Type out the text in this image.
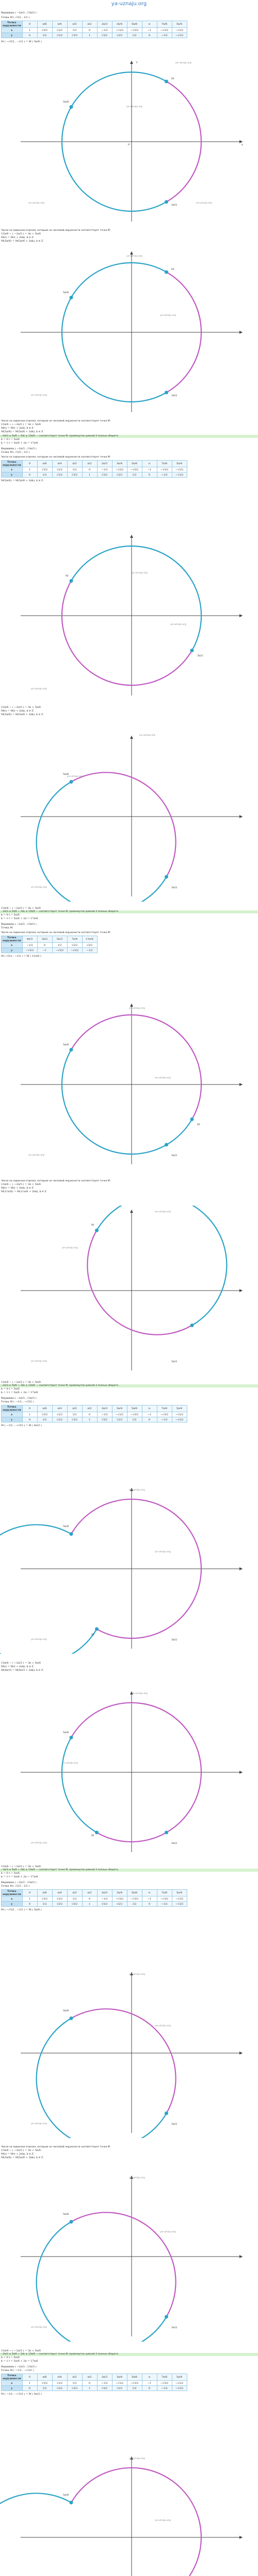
ya-uznaju.org
Вершины ( −2π/3 ; 13π/3 )
Точка M ( √3/2 ; 1/2 )
Точка окружности	0	π/6	π/4	π/3	π/2	2π/3	3π/4	5π/6	π	7π/6	5π/4
x	1	√3/2	√2/2	1/2	0	−1/2	−√2/2	−√3/2	−1	−√3/2	−√2/2
y	0	1/2	√2/2	√3/2	1	√3/2	√2/2	1/2	0	−1/2	−√2/2
M ( −√3/2 , −1/2 ) = M ( 5π/6 )
ya-uznaju.org
ya-uznaju.org
ya-uznaju.org	ya-uznaju.org
5π/6
M
3π/2
y
x
0
Числа на заданном отрезке, которым на числовой окружности соответствует точка M:
13π/6 − ( −2π/3 ) = 3π + 5π/6
M(t) = M(t + 2πk), k ∈ Z
M(5π/6) = M(5π/6 + 2πk), k ∈ Z
ya-uznaju.org
ya-uznaju.org
ya-uznaju.org
5π/6
M
3π/2
Числа на заданном отрезке, которым на числовой окружности соответствует точка M:
13π/6 − ( −2π/3 ) = 3π + 5π/6
M(t) = M(t + 2πk), k ∈ Z
M(5π/6) = M(5π/6 + 2πk), k ∈ Z
−2π/3 ≤ 5π/6 + 2πk ≤ 13π/6 — соответствует точке М, промежуток длиной 3 полных оборота.
k = 0 t = 5π/6
k = 1 t = 5π/6 + 2π = 17π/6
Вершины ( −2π/3 ; 13π/3 )
Точка M ( √3/2 ; 1/2 )
Числа на заданном отрезке, которым на числовой окружности соответствует точка M:
Точка окружности	0	π/6	π/4	π/3	π/2	2π/3	3π/4	5π/6	π	7π/6	5π/4
x	1	√3/2	√2/2	1/2	0	−1/2	−√2/2	−√3/2	−1	−√3/2	−√2/2
y	0	1/2	√2/2	√3/2	1	√3/2	√2/2	1/2	0	−1/2	−√2/2
M(5π/6) = M(5π/6 + 2πk), k ∈ Z
ya-uznaju.org
ya-uznaju.org
ya-uznaju.org
M
3π/2
13π/6 − ( −2π/3 ) = 3π + 5π/6
M(t) = M(t + 2πk), k ∈ Z
M(5π/6) = M(5π/6 + 2πk), k ∈ Z
ya-uznaju.org
ya-uznaju.org
ya-uznaju.org
5π/6
3π/2
13π/6 − ( −2π/3 ) = 3π + 5π/6
−2π/3 ≤ 5π/6 + 2πk ≤ 13π/6 — соответствует точке М, промежуток длиной 3 полных оборота.
k = 0 t = 5π/6
k = 1 t = 5π/6 + 2π = 17π/6
Вершины ( −2π/3 ; 13π/3 )
Точка M
Числа на заданном отрезке, которым на числовой окружности соответствует точка M:
Точка окружности	4π/3	3π/2	5π/3	7π/4	11π/6
x	−1/2	0	1/2	√2/2	√3/2
y	−√3/2	−1	−√3/2	−√2/2	−1/2
M ( √3/2 ; −1/2 ) = M ( 11π/6 )
ya-uznaju.org
ya-uznaju.org
ya-uznaju.org
5π/6
M
3π/2
Числа на заданном отрезке, которым на числовой окружности соответствует точка M:
13π/6 − ( −2π/3 ) = 3π + 5π/6
M(t) = M(t + 2πk), k ∈ Z
M(11π/6) = M(11π/6 + 2πk), k ∈ Z
ya-uznaju.org
ya-uznaju.org
ya-uznaju.org
M
3π/2
13π/6 − ( −2π/3 ) = 3π + 5π/6
−2π/3 ≤ 5π/6 + 2πk ≤ 13π/6 — соответствует точке М, промежуток длиной 3 полных оборота.
k = 0 t = 5π/6
k = 1 t = 5π/6 + 2π = 17π/6
Вершины ( −2π/3 ; 13π/3 )
Точка M ( −1/2 ; −√3/2 )
Точка окружности	0	π/6	π/4	π/3	π/2	2π/3	3π/4	5π/6	π	7π/6	5π/4
x	1	√3/2	√2/2	1/2	0	−1/2	−√2/2	−√3/2	−1	−√3/2	−√2/2
y	0	1/2	√2/2	√3/2	1	√3/2	√2/2	1/2	0	−1/2	−√2/2
M ( −1/2 ; −√3/2 ) = M ( 4π/3 )
ya-uznaju.org
ya-uznaju.org
ya-uznaju.org
5π/6
M
3π/2
13π/6 − ( −2π/3 ) = 3π + 5π/6
M(t) = M(t + 2πk), k ∈ Z
M(4π/3) = M(4π/3 + 2πk), k ∈ Z
ya-uznaju.org
ya-uznaju.org
ya-uznaju.org
5π/6
M
3π/2
13π/6 − ( −2π/3 ) = 3π + 5π/6
−2π/3 ≤ 5π/6 + 2πk ≤ 13π/6 — соответствует точке М, промежуток длиной 3 полных оборота.
k = 0 t = 5π/6
k = 1 t = 5π/6 + 2π = 17π/6
Вершины ( −2π/3 ; 13π/3 )
Точка M ( √3/2 ; 1/2 )
Точка окружности	0	π/6	π/4	π/3	π/2	2π/3	3π/4	5π/6	π	7π/6	5π/4
x	1	√3/2	√2/2	1/2	0	−1/2	−√2/2	−√3/2	−1	−√3/2	−√2/2
y	0	1/2	√2/2	√3/2	1	√3/2	√2/2	1/2	0	−1/2	−√2/2
M ( −√3/2 , −1/2 ) = M ( 5π/6 )
ya-uznaju.org
ya-uznaju.org
ya-uznaju.org
5π/6
3π/2
Числа на заданном отрезке, которым на числовой окружности соответствует точка M:
13π/6 − ( −2π/3 ) = 3π + 5π/6
M(t) = M(t + 2πk), k ∈ Z
M(5π/6) = M(5π/6 + 2πk), k ∈ Z
ya-uznaju.org
ya-uznaju.org
ya-uznaju.org
5π/6
3π/2
13π/6 − ( −2π/3 ) = 3π + 5π/6
−2π/3 ≤ 5π/6 + 2πk ≤ 13π/6 — соответствует точке М, промежуток длиной 3 полных оборота.
k = 0 t = 5π/6
k = 1 t = 5π/6 + 2π = 17π/6
Вершины ( −2π/3 ; 13π/3 )
Точка M ( −1/2 ; −√3/2 )
Точка окружности	0	π/6	π/4	π/3	π/2	2π/3	3π/4	5π/6	π	7π/6	5π/4
x	1	√3/2	√2/2	1/2	0	−1/2	−√2/2	−√3/2	−1	−√3/2	−√2/2
y	0	1/2	√2/2	√3/2	1	√3/2	√2/2	1/2	0	−1/2	−√2/2
M ( −1/2 ; −√3/2 ) = M ( 4π/3 )
ya-uznaju.org
ya-uznaju.org
5π/6
